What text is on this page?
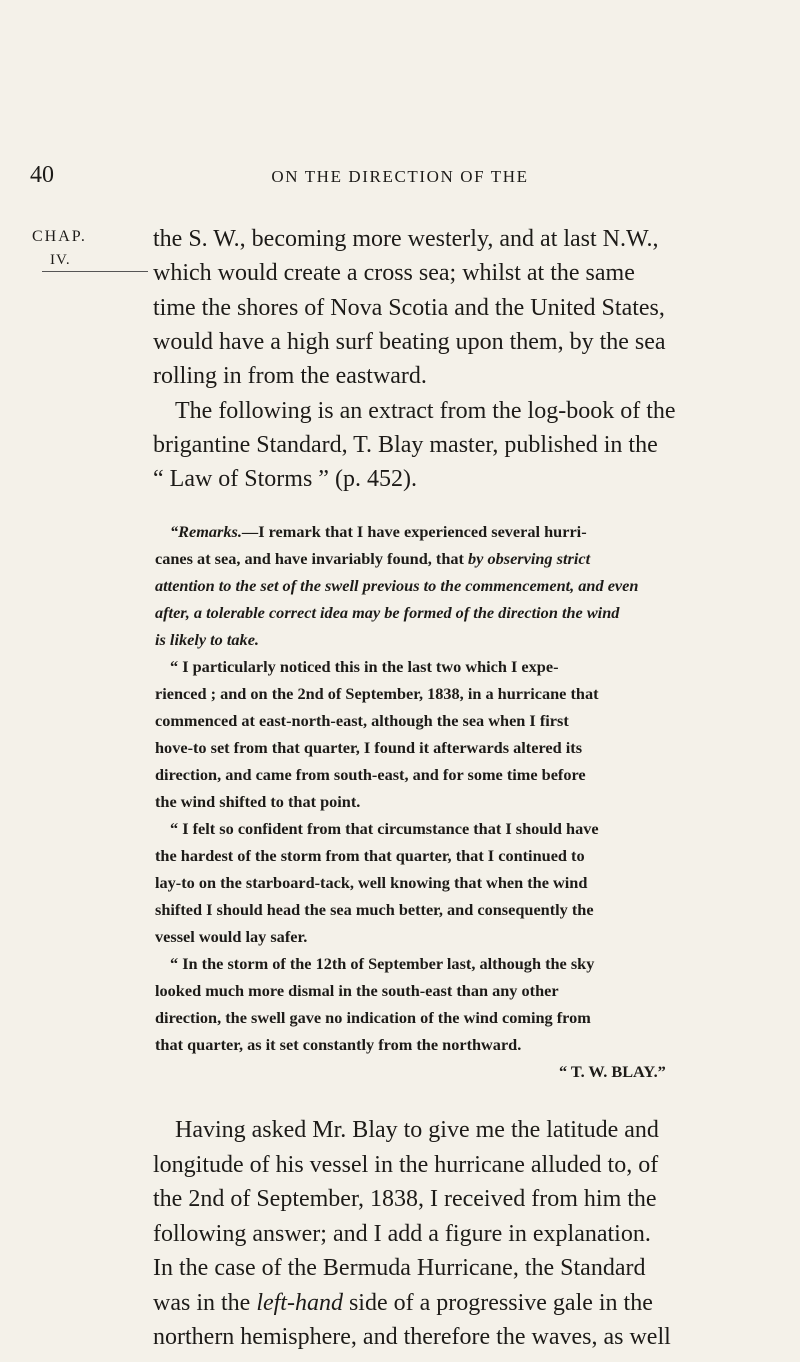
40	ON THE DIRECTION OF THE
CHAP.
IV.
the S. W., becoming more westerly, and at last N.W.,
which would create a cross sea; whilst at the same
time the shores of Nova Scotia and the United States,
would have a high surf beating upon them, by the sea
rolling in from the eastward.
The following is an extract from the log-book of the
brigantine Standard, T. Blay master, published in the
“ Law of Storms ” (p. 452).
“Remarks.—I remark that I have experienced several hurri-
canes at sea, and have invariably found, that by observing strict
attention to the set of the swell previous to the commencement, and even
after, a tolerable correct idea may be formed of the direction the wind
is likely to take.
“ I particularly noticed this in the last two which I expe-
rienced ; and on the 2nd of September, 1838, in a hurricane that
commenced at east-north-east, although the sea when I first
hove-to set from that quarter, I found it afterwards altered its
direction, and came from south-east, and for some time before
the wind shifted to that point.
“ I felt so confident from that circumstance that I should have
the hardest of the storm from that quarter, that I continued to
lay-to on the starboard-tack, well knowing that when the wind
shifted I should head the sea much better, and consequently the
vessel would lay safer.
“ In the storm of the 12th of September last, although the sky
looked much more dismal in the south-east than any other
direction, the swell gave no indication of the wind coming from
that quarter, as it set constantly from the northward.
“ T. W. BLAY.”
Having asked Mr. Blay to give me the latitude and
longitude of his vessel in the hurricane alluded to, of
the 2nd of September, 1838, I received from him the
following answer; and I add a figure in explanation.
In the case of the Bermuda Hurricane, the Standard
was in the left-hand side of a progressive gale in the
northern hemisphere, and therefore the waves, as well
